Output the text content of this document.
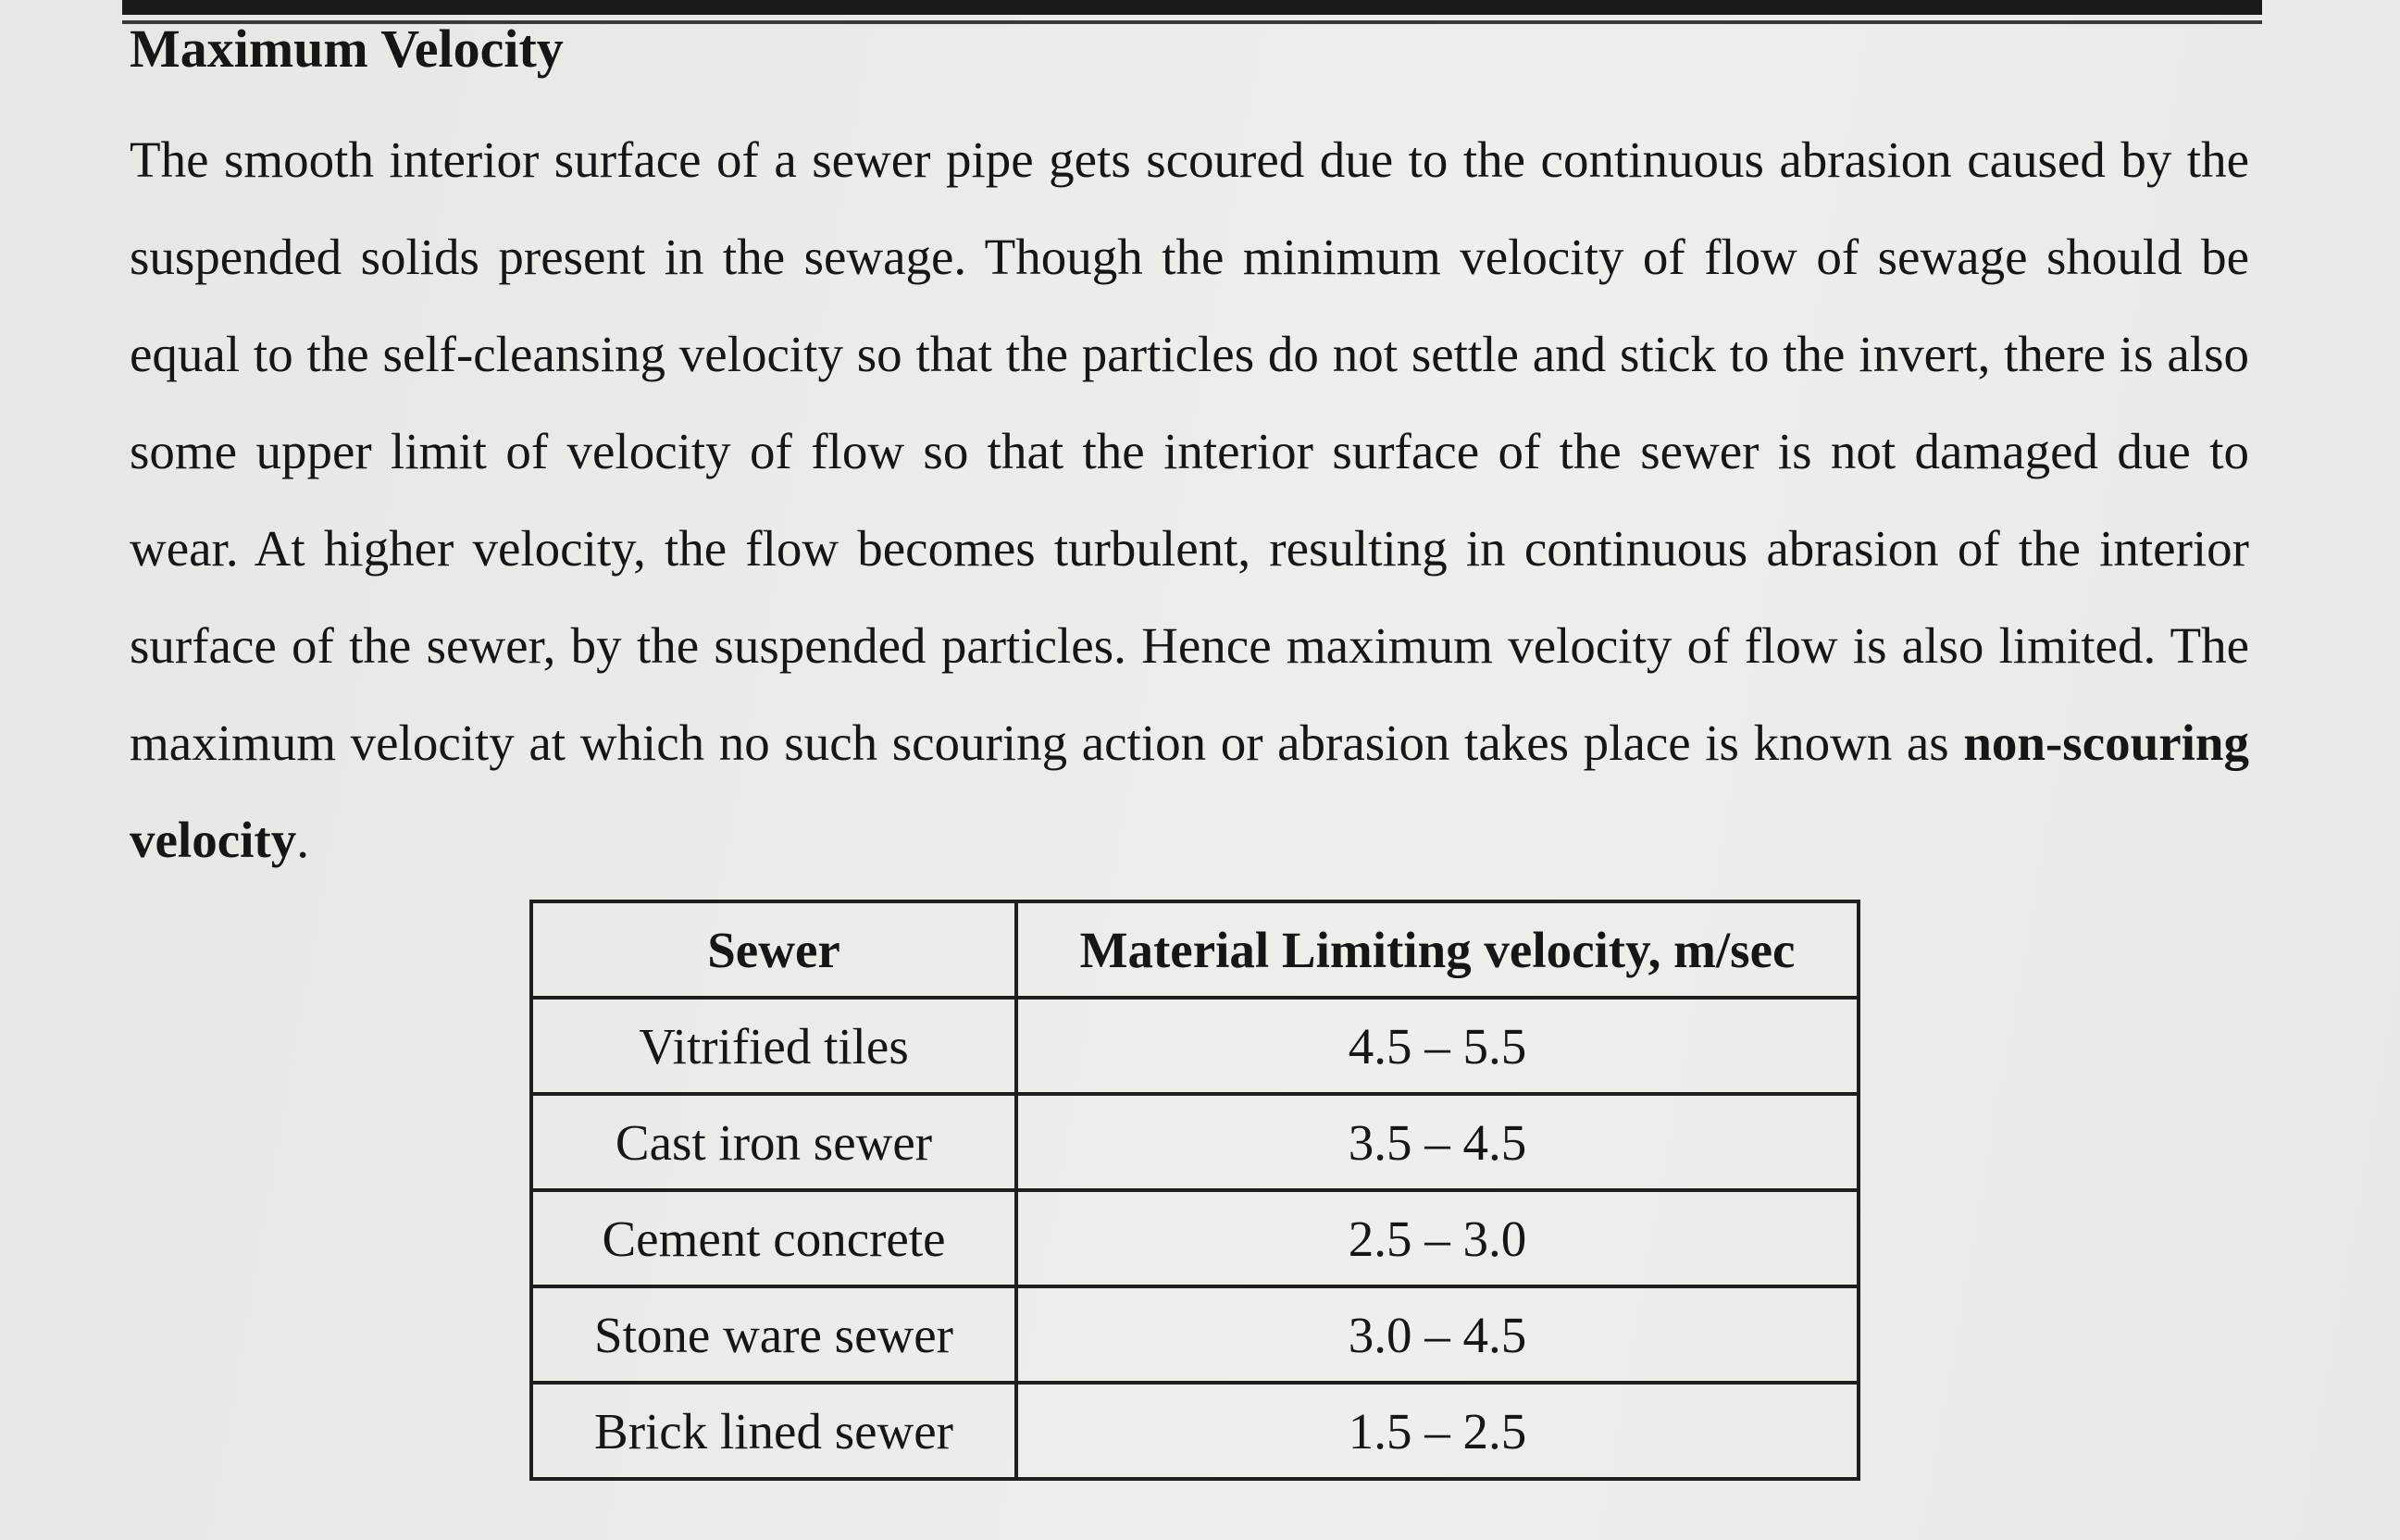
Maximum Velocity

The smooth interior surface of a sewer pipe gets scoured due to the continuous abrasion caused by the suspended solids present in the sewage. Though the minimum velocity of flow of sewage should be equal to the self-cleansing velocity so that the particles do not settle and stick to the invert, there is also some upper limit of velocity of flow so that the interior surface of the sewer is not damaged due to wear. At higher velocity, the flow becomes turbulent, resulting in continuous abrasion of the interior surface of the sewer, by the suspended particles. Hence maximum velocity of flow is also limited. The maximum velocity at which no such scouring action or abrasion takes place is known as non-scouring velocity.

Sewer	Material Limiting velocity, m/sec
Vitrified tiles	4.5 – 5.5
Cast iron sewer	3.5 – 4.5
Cement concrete	2.5 – 3.0
Stone ware sewer	3.0 – 4.5
Brick lined sewer	1.5 – 2.5
